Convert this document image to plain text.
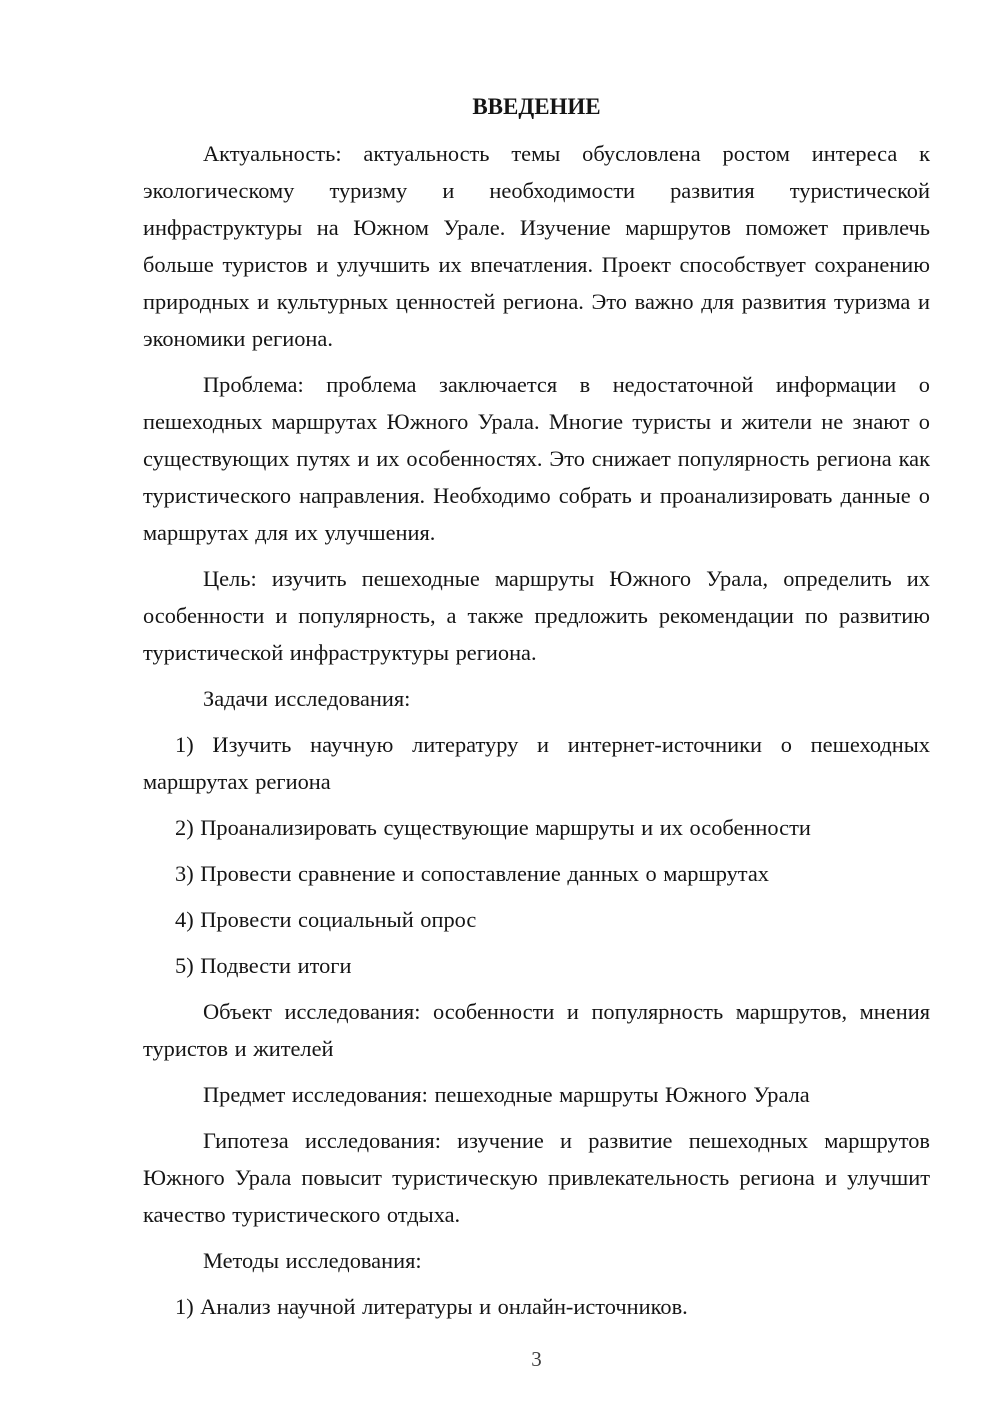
ВВЕДЕНИЕ

Актуальность: актуальность темы обусловлена ростом интереса к экологическому туризму и необходимости развития туристической инфраструктуры на Южном Урале. Изучение маршрутов поможет привлечь больше туристов и улучшить их впечатления. Проект способствует сохранению природных и культурных ценностей региона. Это важно для развития туризма и экономики региона.

Проблема: проблема заключается в недостаточной информации о пешеходных маршрутах Южного Урала. Многие туристы и жители не знают о существующих путях и их особенностях. Это снижает популярность региона как туристического направления. Необходимо собрать и проанализировать данные о маршрутах для их улучшения.

Цель: изучить пешеходные маршруты Южного Урала, определить их особенности и популярность, а также предложить рекомендации по развитию туристической инфраструктуры региона.

Задачи исследования:

1) Изучить научную литературу и интернет-источники о пешеходных маршрутах региона

2) Проанализировать существующие маршруты и их особенности

3) Провести сравнение и сопоставление данных о маршрутах

4) Провести социальный опрос

5) Подвести итоги

Объект исследования: особенности и популярность маршрутов, мнения туристов и жителей

Предмет исследования: пешеходные маршруты Южного Урала

Гипотеза исследования: изучение и развитие пешеходных маршрутов Южного Урала повысит туристическую привлекательность региона и улучшит качество туристического отдыха.

Методы исследования:

1) Анализ научной литературы и онлайн-источников.

3
